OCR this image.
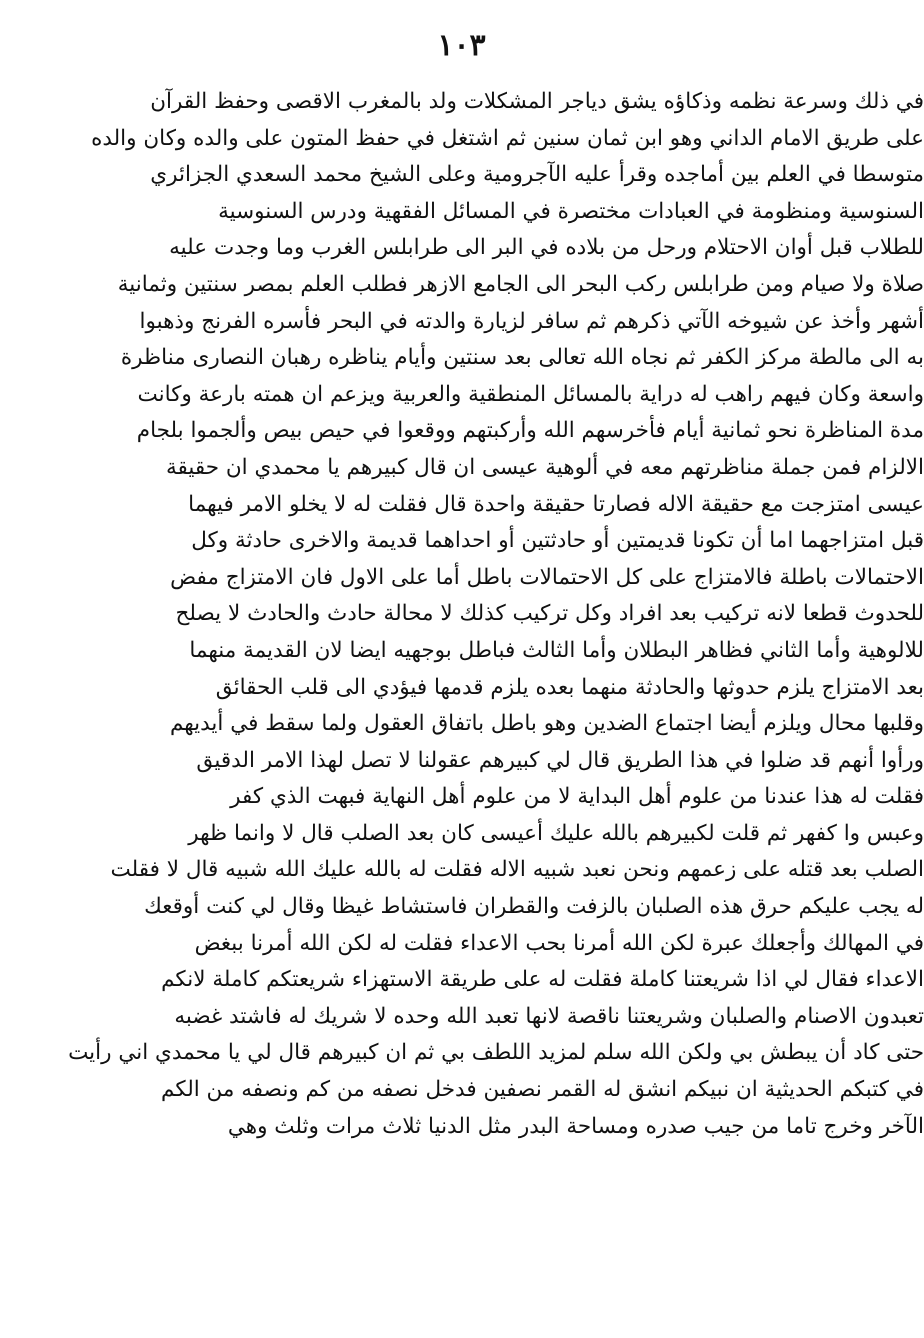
١٠٣
في ذلك وسرعة نظمه وذكاؤه يشق دياجر المشكلات ولد بالمغرب الاقصى وحفظ القرآن
على طريق الامام الداني وهو ابن ثمان سنين ثم اشتغل في حفظ المتون على والده وكان والده
متوسطا في العلم بين أماجده وقرأ عليه الآجرومية وعلى الشيخ محمد السعدي الجزائري
السنوسية ومنظومة في العبادات مختصرة في المسائل الفقهية ودرس السنوسية
للطلاب قبل أوان الاحتلام ورحل من بلاده في البر الى طرابلس الغرب وما وجدت عليه
صلاة ولا صيام ومن طرابلس ركب البحر الى الجامع الازهر فطلب العلم بمصر سنتين وثمانية
أشهر وأخذ عن شيوخه الآتي ذكرهم ثم سافر لزيارة والدته في البحر فأسره الفرنج وذهبوا
به الى مالطة مركز الكفر ثم نجاه الله تعالى بعد سنتين وأيام يناظره رهبان النصارى مناظرة
واسعة وكان فيهم راهب له دراية بالمسائل المنطقية والعربية ويزعم ان همته بارعة وكانت
مدة المناظرة نحو ثمانية أيام فأخرسهم الله وأركبتهم ووقعوا في حيص بيص وألجموا بلجام
الالزام فمن جملة مناظرتهم معه في ألوهية عيسى ان قال كبيرهم يا محمدي ان حقيقة
عيسى امتزجت مع حقيقة الاله فصارتا حقيقة واحدة قال فقلت له لا يخلو الامر فيهما
قبل امتزاجهما اما أن تكونا قديمتين أو حادثتين أو احداهما قديمة والاخرى حادثة وكل
الاحتمالات باطلة فالامتزاج على كل الاحتمالات باطل أما على الاول فان الامتزاج مفض
للحدوث قطعا لانه تركيب بعد افراد وكل تركيب كذلك لا محالة حادث والحادث لا يصلح
للالوهية وأما الثاني فظاهر البطلان وأما الثالث فباطل بوجهيه ايضا لان القديمة منهما
بعد الامتزاج يلزم حدوثها والحادثة منهما بعده يلزم قدمها فيؤدي الى قلب الحقائق
وقلبها محال ويلزم أيضا اجتماع الضدين وهو باطل باتفاق العقول ولما سقط في أيديهم
ورأوا أنهم قد ضلوا في هذا الطريق قال لي كبيرهم عقولنا لا تصل لهذا الامر الدقيق
فقلت له هذا عندنا من علوم أهل البداية لا من علوم أهل النهاية فبهت الذي كفر
وعبس وا كفهر ثم قلت لكبيرهم بالله عليك أعيسى كان بعد الصلب قال لا وانما ظهر
الصلب بعد قتله على زعمهم ونحن نعبد شبيه الاله فقلت له بالله عليك الله شبيه قال لا فقلت
له يجب عليكم حرق هذه الصلبان بالزفت والقطران فاستشاط غيظا وقال لي كنت أوقعك
في المهالك وأجعلك عبرة لكن الله أمرنا بحب الاعداء فقلت له لكن الله أمرنا ببغض
الاعداء فقال لي اذا شريعتنا كاملة فقلت له على طريقة الاستهزاء شريعتكم كاملة لانكم
تعبدون الاصنام والصلبان وشريعتنا ناقصة لانها تعبد الله وحده لا شريك له فاشتد غضبه
حتى كاد أن يبطش بي ولكن الله سلم لمزيد اللطف بي ثم ان كبيرهم قال لي يا محمدي اني رأيت
في كتبكم الحديثية ان نبيكم انشق له القمر نصفين فدخل نصفه من كم ونصفه من الكم
الآخر وخرج تاما من جيب صدره ومساحة البدر مثل الدنيا ثلاث مرات وثلث وهي
